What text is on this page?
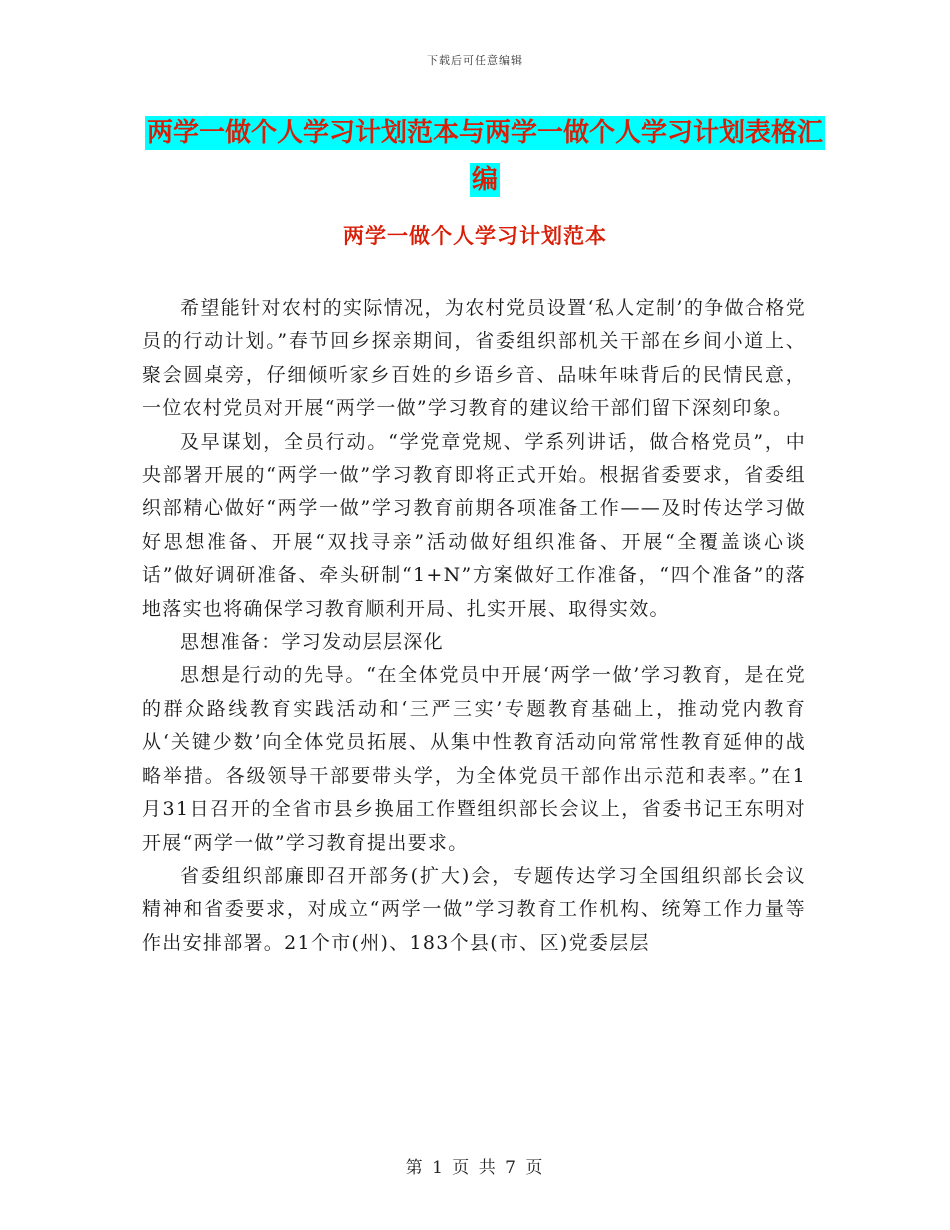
下载后可任意编辑
两学一做个人学习计划范本与两学一做个人学习计划表格汇编
两学一做个人学习计划范本

希望能针对农村的实际情况，为农村党员设置‘私人定制’的争做合格党员的行动计划。”春节回乡探亲期间，省委组织部机关干部在乡间小道上、聚会圆桌旁，仔细倾听家乡百姓的乡语乡音、品味年味背后的民情民意，一位农村党员对开展“两学一做”学习教育的建议给干部们留下深刻印象。

及早谋划，全员行动。“学党章党规、学系列讲话，做合格党员”，中央部署开展的“两学一做”学习教育即将正式开始。根据省委要求，省委组织部精心做好“两学一做”学习教育前期各项准备工作——及时传达学习做好思想准备、开展“双找寻亲”活动做好组织准备、开展“全覆盖谈心谈话”做好调研准备、牵头研制“1+N”方案做好工作准备，“四个准备”的落地落实也将确保学习教育顺利开局、扎实开展、取得实效。

思想准备：学习发动层层深化

思想是行动的先导。“在全体党员中开展‘两学一做’学习教育，是在党的群众路线教育实践活动和‘三严三实’专题教育基础上，推动党内教育从‘关键少数’向全体党员拓展、从集中性教育活动向常常性教育延伸的战略举措。各级领导干部要带头学，为全体党员干部作出示范和表率。”在1月31日召开的全省市县乡换届工作暨组织部长会议上，省委书记王东明对开展“两学一做”学习教育提出要求。

省委组织部廉即召开部务(扩大)会，专题传达学习全国组织部长会议精神和省委要求，对成立“两学一做”学习教育工作机构、统筹工作力量等作出安排部署。21个市(州)、183个县(市、区)党委层层

第 1 页 共 7 页
